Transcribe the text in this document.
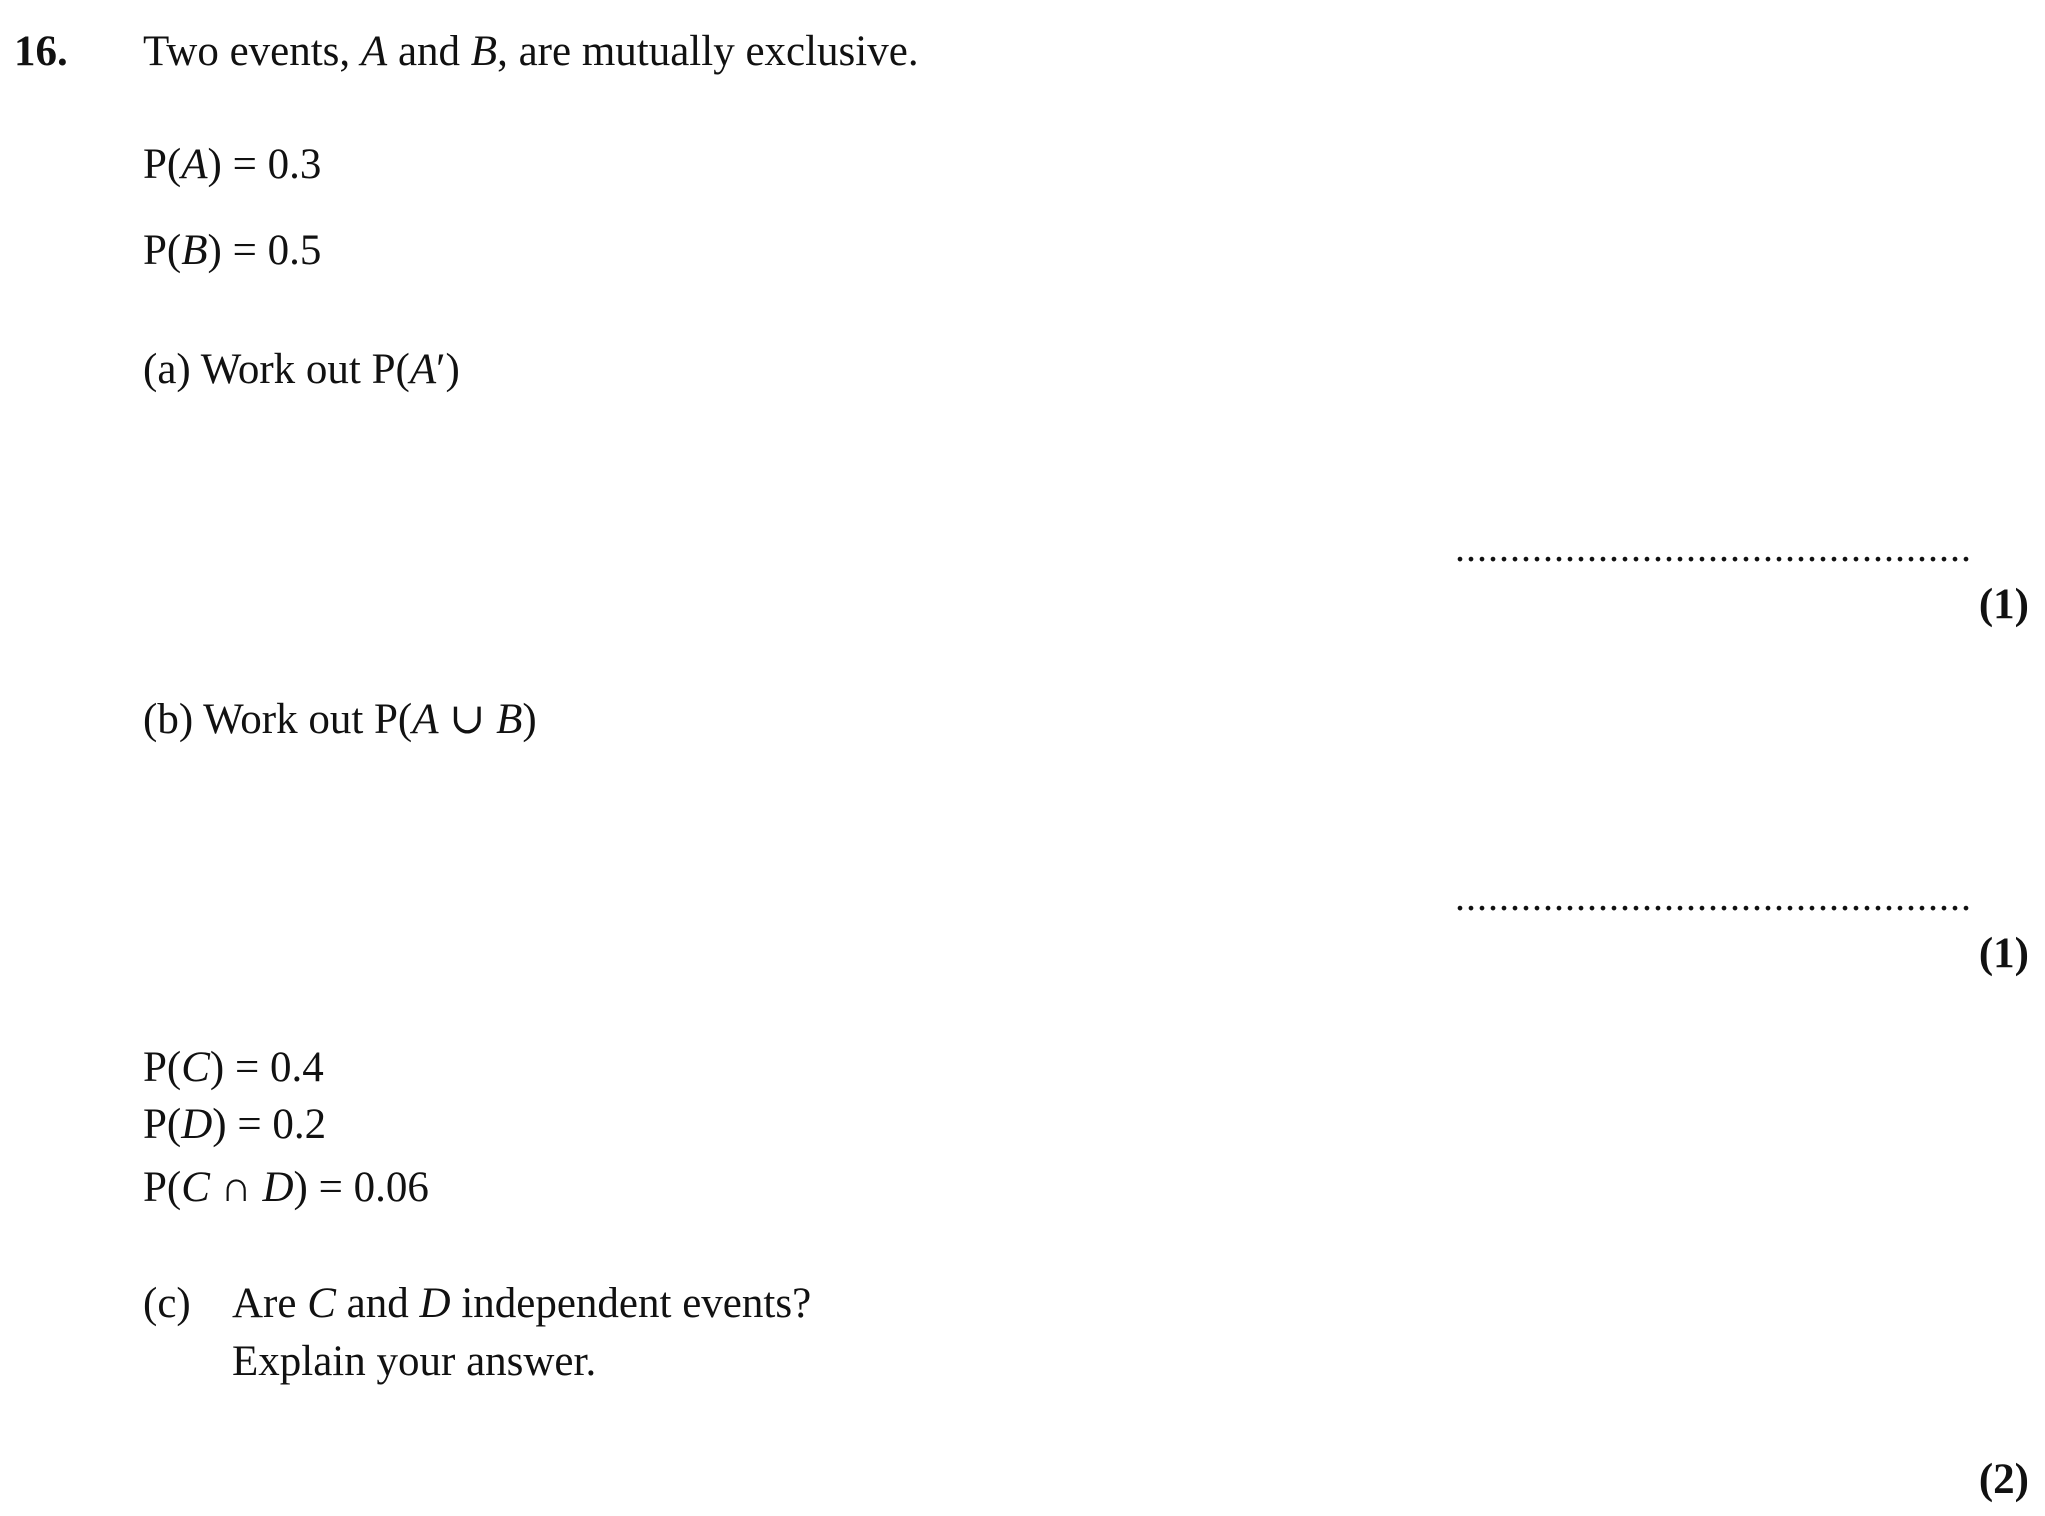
16. Two events, A and B, are mutually exclusive.
P(A) = 0.3
P(B) = 0.5
(a) Work out P(A′)
...............................................
(1)
(b) Work out P(A ∪ B)
...............................................
(1)
P(C) = 0.4
P(D) = 0.2
P(C ∩ D) = 0.06
(c) Are C and D independent events?
Explain your answer.
(2)
